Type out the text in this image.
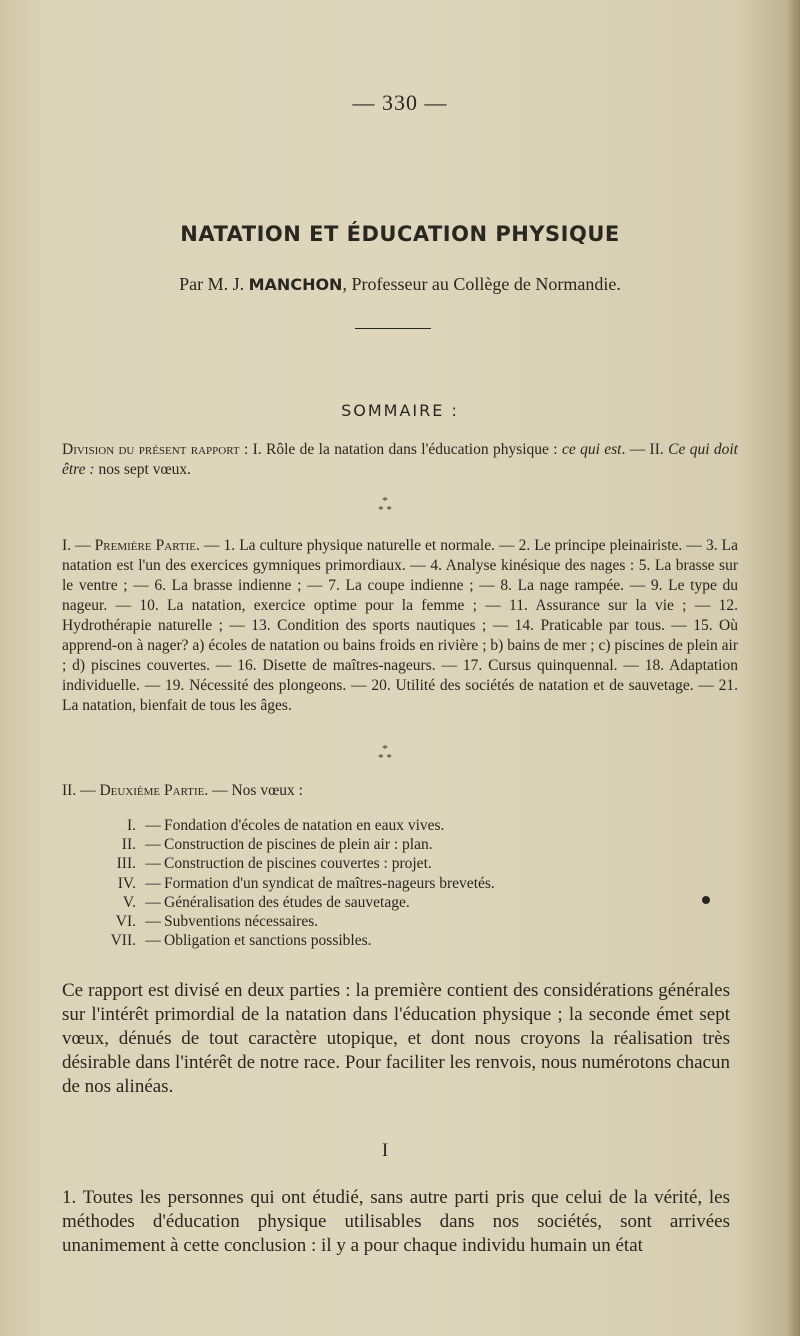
— 330 —
NATATION ET ÉDUCATION PHYSIQUE
Par M. J. MANCHON, Professeur au Collège de Normandie.
SOMMAIRE :
Division du présent rapport : I. Rôle de la natation dans l'éducation physique : ce qui est. — II. Ce qui doit être : nos sept vœux.
*
* *
I. — Première Partie. — 1. La culture physique naturelle et normale. — 2. Le principe pleinairiste. — 3. La natation est l'un des exercices gymniques primordiaux. — 4. Analyse kinésique des nages : 5. La brasse sur le ventre ; — 6. La brasse indienne ; — 7. La coupe indienne ; — 8. La nage rampée. — 9. Le type du nageur. — 10. La natation, exercice optime pour la femme ; — 11. Assurance sur la vie ; — 12. Hydrothérapie naturelle ; — 13. Condition des sports nautiques ; — 14. Praticable par tous. — 15. Où apprend-on à nager? a) écoles de natation ou bains froids en rivière ; b) bains de mer ; c) piscines de plein air ; d) piscines couvertes. — 16. Disette de maîtres-nageurs. — 17. Cursus quinquennal. — 18. Adaptation individuelle. — 19. Nécessité des plongeons. — 20. Utilité des sociétés de natation et de sauvetage. — 21. La natation, bienfait de tous les âges.
*
* *
II. — Deuxième Partie. — Nos vœux :
I. — Fondation d'écoles de natation en eaux vives.
II. — Construction de piscines de plein air : plan.
III. — Construction de piscines couvertes : projet.
IV. — Formation d'un syndicat de maîtres-nageurs brevetés.
V. — Généralisation des études de sauvetage.
VI. — Subventions nécessaires.
VII. — Obligation et sanctions possibles.
Ce rapport est divisé en deux parties : la première contient des considérations générales sur l'intérêt primordial de la natation dans l'éducation physique ; la seconde émet sept vœux, dénués de tout caractère utopique, et dont nous croyons la réalisation très désirable dans l'intérêt de notre race. Pour faciliter les renvois, nous numérotons chacun de nos alinéas.
I
1. Toutes les personnes qui ont étudié, sans autre parti pris que celui de la vérité, les méthodes d'éducation physique utilisables dans nos sociétés, sont arrivées unanimement à cette conclusion : il y a pour chaque individu humain un état
